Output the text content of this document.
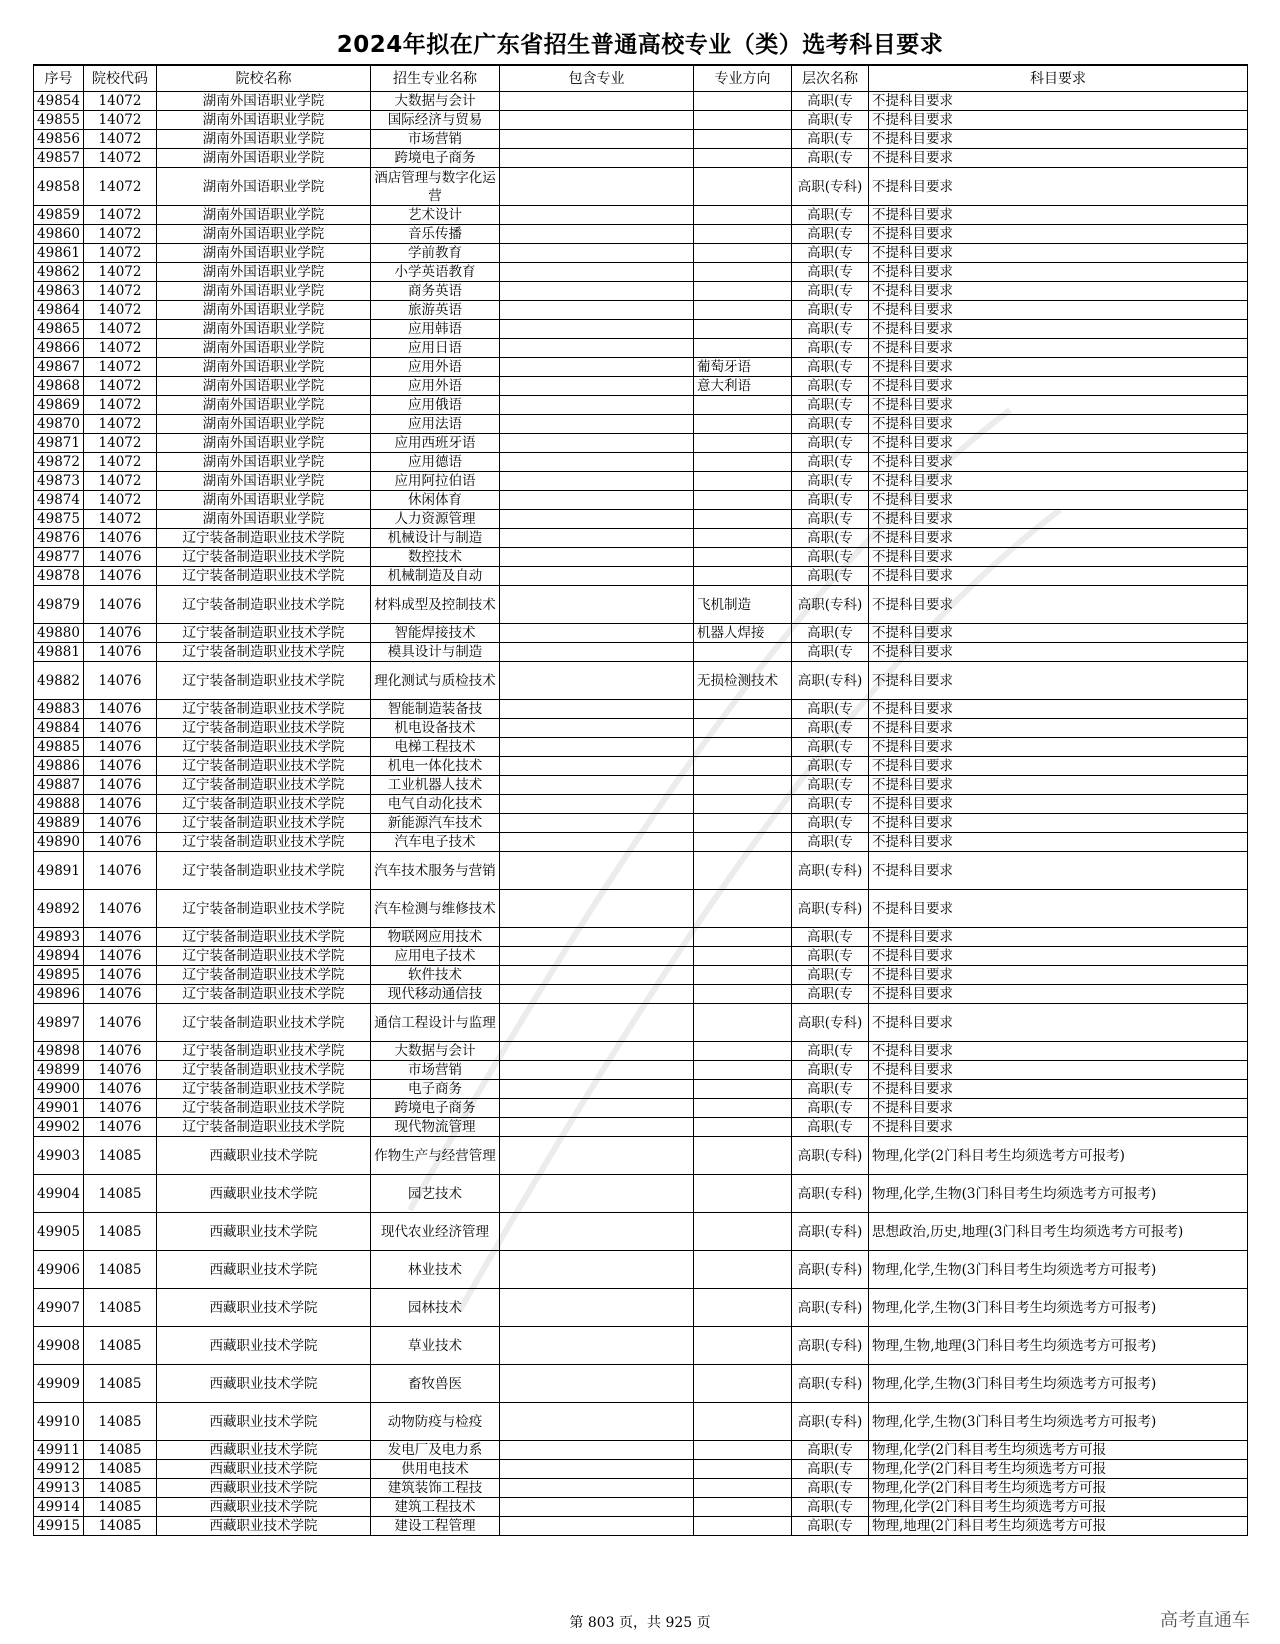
2024年拟在广东省招生普通高校专业（类）选考科目要求
序号	院校代码	院校名称	招生专业名称	包含专业	专业方向	层次名称	科目要求
49854	14072	湖南外国语职业学院	大数据与会计			高职(专	不提科目要求
49855	14072	湖南外国语职业学院	国际经济与贸易			高职(专	不提科目要求
49856	14072	湖南外国语职业学院	市场营销			高职(专	不提科目要求
49857	14072	湖南外国语职业学院	跨境电子商务			高职(专	不提科目要求
49858	14072	湖南外国语职业学院	酒店管理与数字化运营			高职(专科)	不提科目要求
49859	14072	湖南外国语职业学院	艺术设计			高职(专	不提科目要求
49860	14072	湖南外国语职业学院	音乐传播			高职(专	不提科目要求
49861	14072	湖南外国语职业学院	学前教育			高职(专	不提科目要求
49862	14072	湖南外国语职业学院	小学英语教育			高职(专	不提科目要求
49863	14072	湖南外国语职业学院	商务英语			高职(专	不提科目要求
49864	14072	湖南外国语职业学院	旅游英语			高职(专	不提科目要求
49865	14072	湖南外国语职业学院	应用韩语			高职(专	不提科目要求
49866	14072	湖南外国语职业学院	应用日语			高职(专	不提科目要求
49867	14072	湖南外国语职业学院	应用外语		葡萄牙语	高职(专	不提科目要求
49868	14072	湖南外国语职业学院	应用外语		意大利语	高职(专	不提科目要求
49869	14072	湖南外国语职业学院	应用俄语			高职(专	不提科目要求
49870	14072	湖南外国语职业学院	应用法语			高职(专	不提科目要求
49871	14072	湖南外国语职业学院	应用西班牙语			高职(专	不提科目要求
49872	14072	湖南外国语职业学院	应用德语			高职(专	不提科目要求
49873	14072	湖南外国语职业学院	应用阿拉伯语			高职(专	不提科目要求
49874	14072	湖南外国语职业学院	休闲体育			高职(专	不提科目要求
49875	14072	湖南外国语职业学院	人力资源管理			高职(专	不提科目要求
49876	14076	辽宁装备制造职业技术学院	机械设计与制造			高职(专	不提科目要求
49877	14076	辽宁装备制造职业技术学院	数控技术			高职(专	不提科目要求
49878	14076	辽宁装备制造职业技术学院	机械制造及自动			高职(专	不提科目要求
49879	14076	辽宁装备制造职业技术学院	材料成型及控制技术		飞机制造	高职(专科)	不提科目要求
49880	14076	辽宁装备制造职业技术学院	智能焊接技术		机器人焊接	高职(专	不提科目要求
49881	14076	辽宁装备制造职业技术学院	模具设计与制造			高职(专	不提科目要求
49882	14076	辽宁装备制造职业技术学院	理化测试与质检技术		无损检测技术	高职(专科)	不提科目要求
49883	14076	辽宁装备制造职业技术学院	智能制造装备技			高职(专	不提科目要求
49884	14076	辽宁装备制造职业技术学院	机电设备技术			高职(专	不提科目要求
49885	14076	辽宁装备制造职业技术学院	电梯工程技术			高职(专	不提科目要求
49886	14076	辽宁装备制造职业技术学院	机电一体化技术			高职(专	不提科目要求
49887	14076	辽宁装备制造职业技术学院	工业机器人技术			高职(专	不提科目要求
49888	14076	辽宁装备制造职业技术学院	电气自动化技术			高职(专	不提科目要求
49889	14076	辽宁装备制造职业技术学院	新能源汽车技术			高职(专	不提科目要求
49890	14076	辽宁装备制造职业技术学院	汽车电子技术			高职(专	不提科目要求
49891	14076	辽宁装备制造职业技术学院	汽车技术服务与营销			高职(专科)	不提科目要求
49892	14076	辽宁装备制造职业技术学院	汽车检测与维修技术			高职(专科)	不提科目要求
49893	14076	辽宁装备制造职业技术学院	物联网应用技术			高职(专	不提科目要求
49894	14076	辽宁装备制造职业技术学院	应用电子技术			高职(专	不提科目要求
49895	14076	辽宁装备制造职业技术学院	软件技术			高职(专	不提科目要求
49896	14076	辽宁装备制造职业技术学院	现代移动通信技			高职(专	不提科目要求
49897	14076	辽宁装备制造职业技术学院	通信工程设计与监理			高职(专科)	不提科目要求
49898	14076	辽宁装备制造职业技术学院	大数据与会计			高职(专	不提科目要求
49899	14076	辽宁装备制造职业技术学院	市场营销			高职(专	不提科目要求
49900	14076	辽宁装备制造职业技术学院	电子商务			高职(专	不提科目要求
49901	14076	辽宁装备制造职业技术学院	跨境电子商务			高职(专	不提科目要求
49902	14076	辽宁装备制造职业技术学院	现代物流管理			高职(专	不提科目要求
49903	14085	西藏职业技术学院	作物生产与经营管理			高职(专科)	物理,化学(2门科目考生均须选考方可报考)
49904	14085	西藏职业技术学院	园艺技术			高职(专科)	物理,化学,生物(3门科目考生均须选考方可报考)
49905	14085	西藏职业技术学院	现代农业经济管理			高职(专科)	思想政治,历史,地理(3门科目考生均须选考方可报考)
49906	14085	西藏职业技术学院	林业技术			高职(专科)	物理,化学,生物(3门科目考生均须选考方可报考)
49907	14085	西藏职业技术学院	园林技术			高职(专科)	物理,化学,生物(3门科目考生均须选考方可报考)
49908	14085	西藏职业技术学院	草业技术			高职(专科)	物理,生物,地理(3门科目考生均须选考方可报考)
49909	14085	西藏职业技术学院	畜牧兽医			高职(专科)	物理,化学,生物(3门科目考生均须选考方可报考)
49910	14085	西藏职业技术学院	动物防疫与检疫			高职(专科)	物理,化学,生物(3门科目考生均须选考方可报考)
49911	14085	西藏职业技术学院	发电厂及电力系			高职(专	物理,化学(2门科目考生均须选考方可报
49912	14085	西藏职业技术学院	供用电技术			高职(专	物理,化学(2门科目考生均须选考方可报
49913	14085	西藏职业技术学院	建筑装饰工程技			高职(专	物理,化学(2门科目考生均须选考方可报
49914	14085	西藏职业技术学院	建筑工程技术			高职(专	物理,化学(2门科目考生均须选考方可报
49915	14085	西藏职业技术学院	建设工程管理			高职(专	物理,地理(2门科目考生均须选考方可报
第 803 页，共 925 页	高考直通车
